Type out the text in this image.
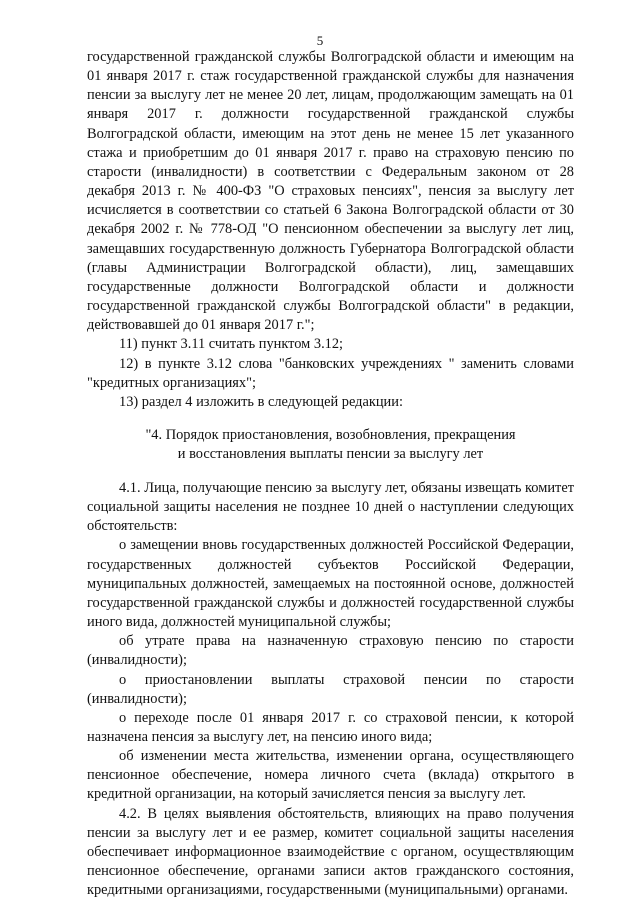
5

государственной гражданской службы Волгоградской области и имеющим на 01 января 2017 г. стаж государственной гражданской службы для назначения пенсии за выслугу лет не менее 20 лет, лицам, продолжающим замещать на 01 января 2017 г. должности государственной гражданской службы Волгоградской области, имеющим на этот день не менее 15 лет указанного стажа и приобретшим до 01 января 2017 г. право на страховую пенсию по старости (инвалидности) в соответствии с Федеральным законом от 28 декабря 2013 г. № 400-ФЗ "О страховых пенсиях", пенсия за выслугу лет исчисляется в соответствии со статьей 6 Закона Волгоградской области от 30 декабря 2002 г. № 778-ОД "О пенсионном обеспечении за выслугу лет лиц, замещавших государственную должность Губернатора Волгоградской области (главы Администрации Волгоградской области), лиц, замещавших государственные должности Волгоградской области и должности государственной гражданской службы Волгоградской области" в редакции, действовавшей до 01 января 2017 г.";

11) пункт 3.11 считать пунктом 3.12;

12) в пункте 3.12 слова "банковских учреждениях " заменить словами "кредитных организациях";

13) раздел 4 изложить в следующей редакции:

"4. Порядок приостановления, возобновления, прекращения
и восстановления выплаты пенсии за выслугу лет

4.1. Лица, получающие пенсию за выслугу лет, обязаны извещать комитет социальной защиты населения не позднее 10 дней о наступлении следующих обстоятельств:

о замещении вновь государственных должностей Российской Федерации, государственных должностей субъектов Российской Федерации, муниципальных должностей, замещаемых на постоянной основе, должностей государственной гражданской службы и должностей государственной службы иного вида, должностей муниципальной службы;

об утрате права на назначенную страховую пенсию по старости (инвалидности);

о приостановлении выплаты страховой пенсии по старости (инвалидности);

о переходе после 01 января 2017 г. со страховой пенсии, к которой назначена пенсия за выслугу лет, на пенсию иного вида;

об изменении места жительства, изменении органа, осуществляющего пенсионное обеспечение, номера личного счета (вклада) открытого в кредитной организации, на который зачисляется пенсия за выслугу лет.

4.2. В целях выявления обстоятельств, влияющих на право получения пенсии за выслугу лет и ее размер, комитет социальной защиты населения обеспечивает информационное взаимодействие с органом, осуществляющим пенсионное обеспечение, органами записи актов гражданского состояния, кредитными организациями, государственными (муниципальными) органами.
